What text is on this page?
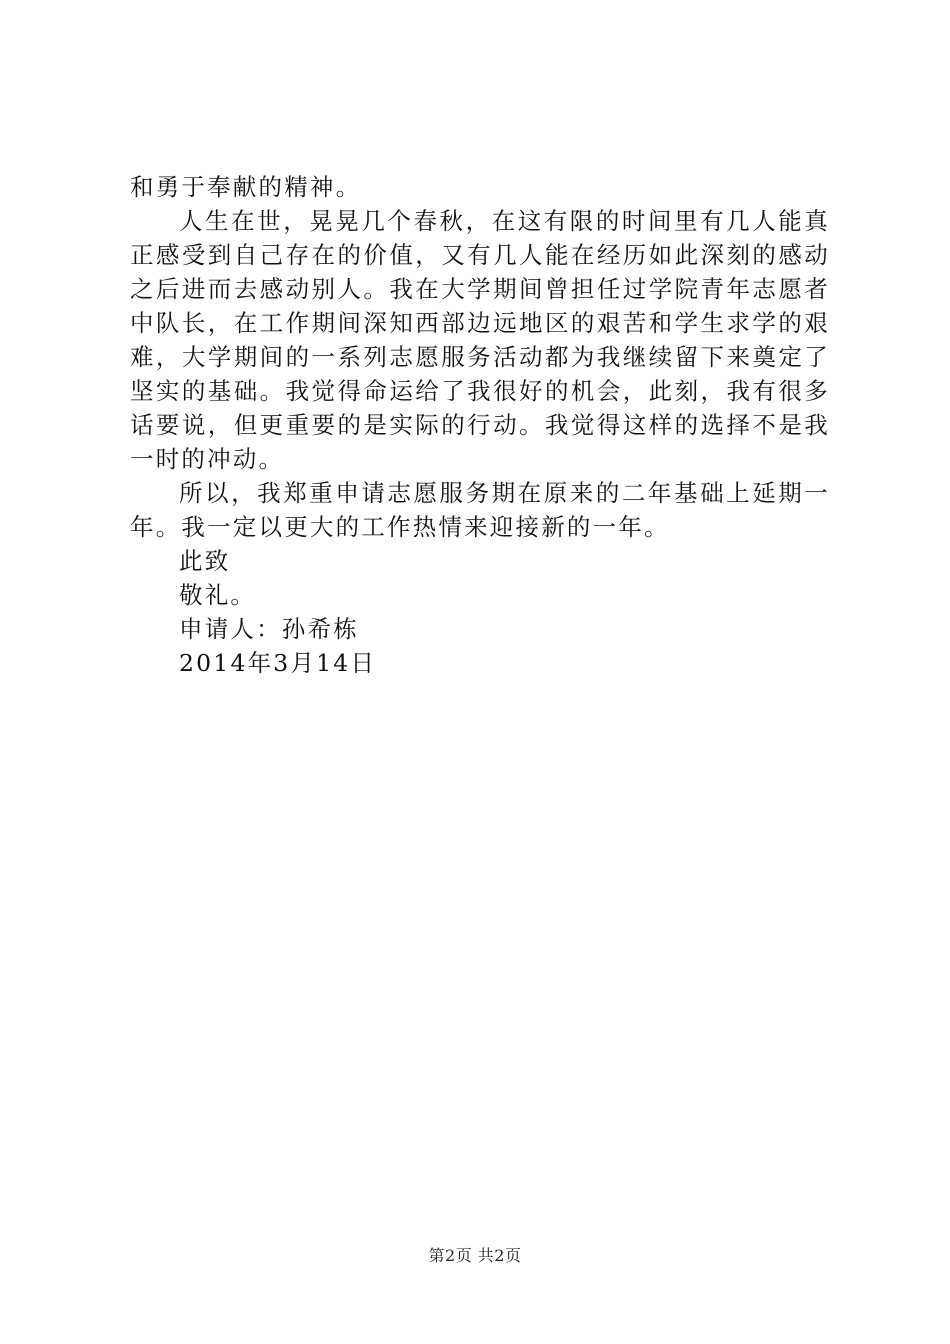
和勇于奉献的精神。

人生在世，晃晃几个春秋，在这有限的时间里有几人能真正感受到自己存在的价值，又有几人能在经历如此深刻的感动之后进而去感动别人。我在大学期间曾担任过学院青年志愿者中队长，在工作期间深知西部边远地区的艰苦和学生求学的艰难，大学期间的一系列志愿服务活动都为我继续留下来奠定了坚实的基础。我觉得命运给了我很好的机会，此刻，我有很多话要说，但更重要的是实际的行动。我觉得这样的选择不是我一时的冲动。

所以，我郑重申请志愿服务期在原来的二年基础上延期一年。我一定以更大的工作热情来迎接新的一年。

此致

敬礼。

申请人：孙希栋

2014年3月14日

第2页 共2页
